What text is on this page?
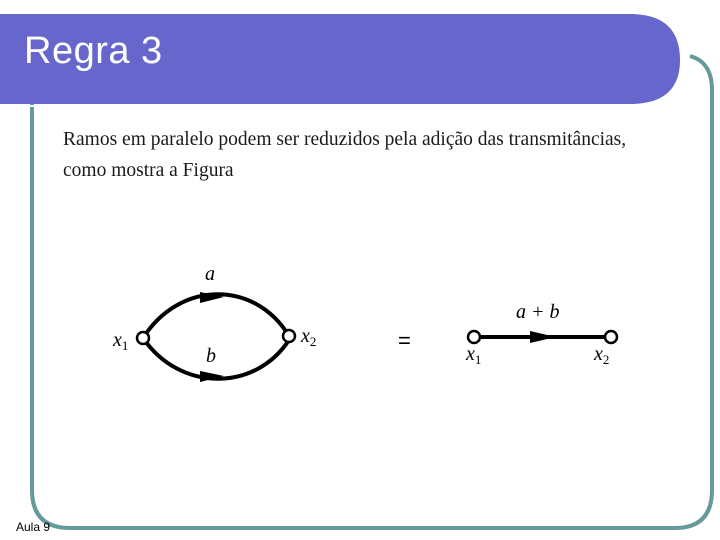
Regra 3
Ramos em paralelo podem ser reduzidos pela adição das transmitâncias,
como mostra a Figura
a
b
$x_1$	$x_2$	=
a + b
$x_1$	$x_2$
Aula 9
